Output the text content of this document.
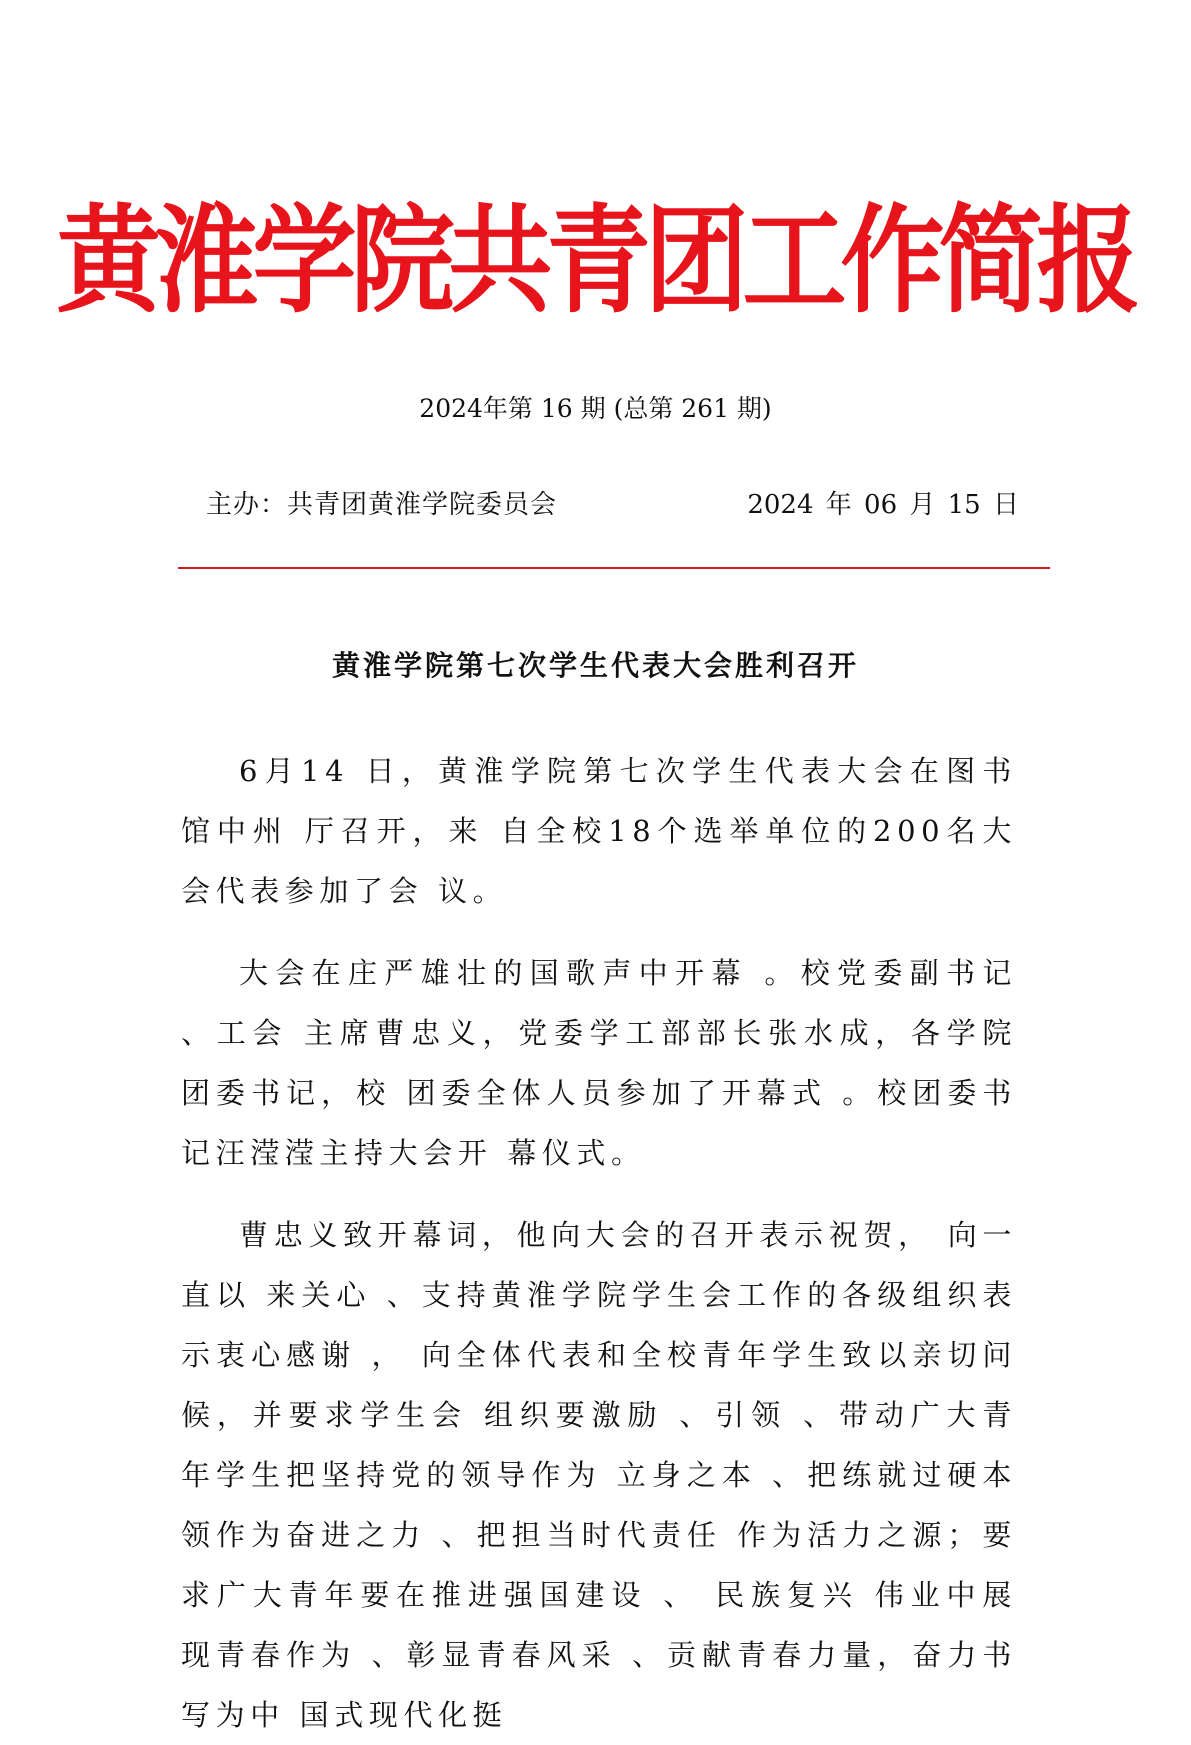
黄淮学院共青团工作简报
2024年第 16 期 (总第 261 期)
主办：共青团黄淮学院委员会	2024 年 06 月 15 日
黄淮学院第七次学生代表大会胜利召开

6月14 日，黄淮学院第七次学生代表大会在图书馆中州 厅召开，来 自全校18个选举单位的200名大会代表参加了会 议。

大会在庄严雄壮的国歌声中开幕 。校党委副书记 、工会 主席曹忠义，党委学工部部长张水成，各学院团委书记，校 团委全体人员参加了开幕式 。校团委书记汪滢滢主持大会开 幕仪式。

曹忠义致开幕词，他向大会的召开表示祝贺， 向一直以 来关心 、支持黄淮学院学生会工作的各级组织表示衷心感谢 ， 向全体代表和全校青年学生致以亲切问候，并要求学生会 组织要激励 、引领 、带动广大青年学生把坚持党的领导作为 立身之本 、把练就过硬本领作为奋进之力 、把担当时代责任 作为活力之源；要求广大青年要在推进强国建设 、 民族复兴 伟业中展现青春作为 、彰显青春风采 、贡献青春力量，奋力书写为中 国式现代化挺
